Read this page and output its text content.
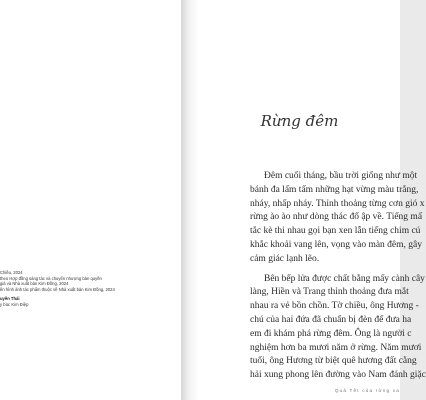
Chiều, 2024
theo Hợp đồng sáng tác và chuyển nhượng bản quyền
giả và Nhà xuất bản Kim Đồng, 2024
ền hình ảnh tác phẩm thuộc về Nhà xuất bản Kim Đồng, 2024
uyền Thái
y bìa: Kim Điệp
Rừng đêm
Đêm cuối tháng, bầu trời giống như một
bánh đa lấm tấm những hạt vừng màu trắng,
nháy, nhấp nháy. Thỉnh thoảng từng cơn gió x
rừng ào ào như dòng thác đổ ập về. Tiếng mấ
tắc kè thi nhau gọi bạn xen lẫn tiếng chim cú
khắc khoải vang lên, vọng vào màn đêm, gây
cảm giác lạnh lẽo.
Bên bếp lửa được chất bằng mấy cành cây
làng, Hiền và Trang thỉnh thoảng đưa mắt
nhau ra vẻ bồn chồn. Tờ chiều, ông Hương -
chú của hai đứa đã chuẩn bị đèn để đưa ha
em đi khám phá rừng đêm. Ông là người c
nghiệm hơn ba mươi năm ở rừng. Năm mươi
tuổi, ông Hương từ biệt quê hương đất cằng
hải xung phong lên đường vào Nam đánh giặc
Quả Tết của rừng xa
